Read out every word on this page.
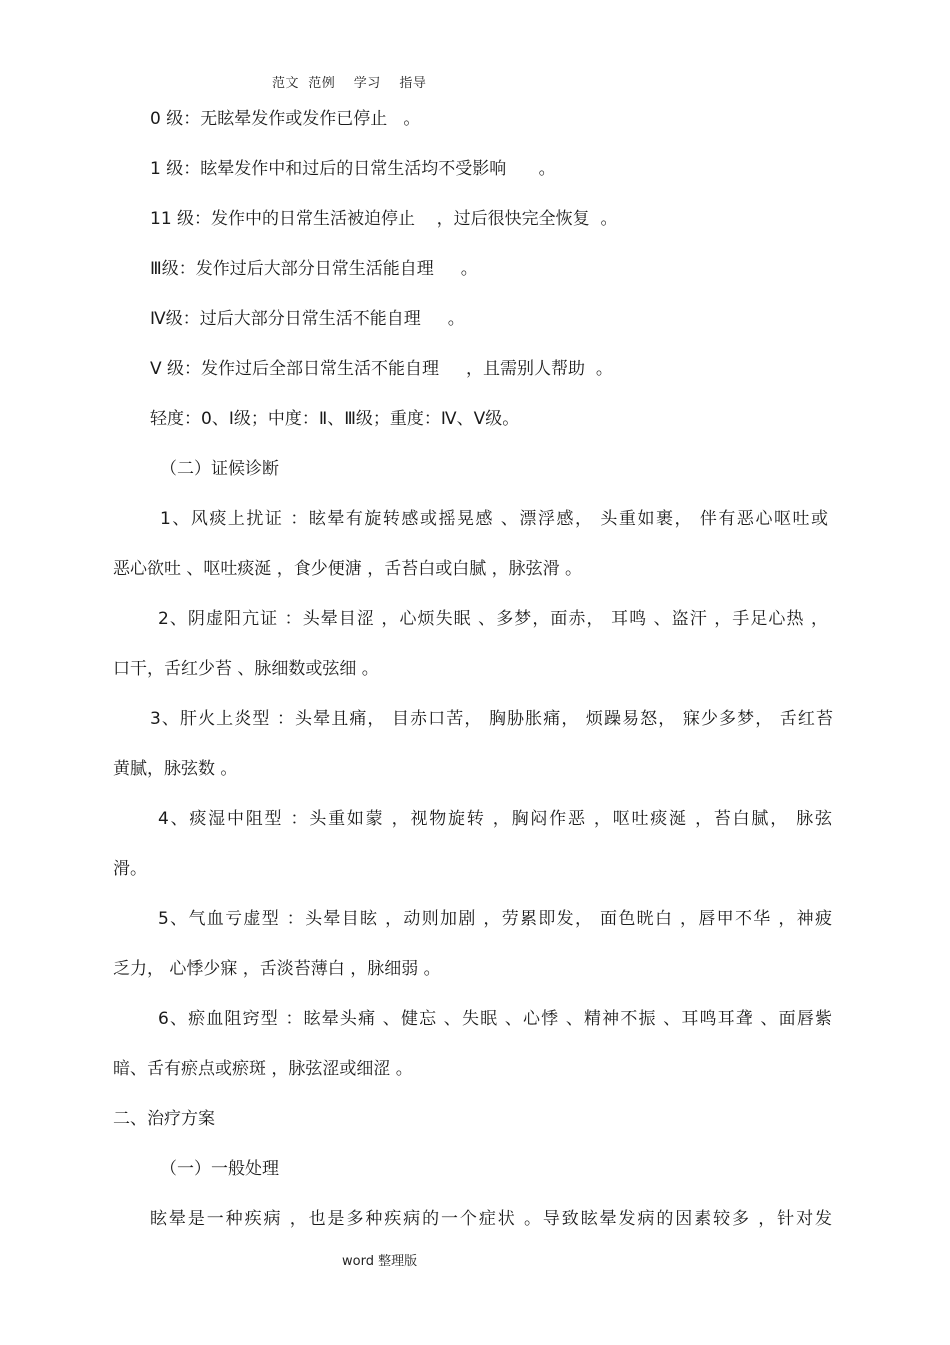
范文  范例    学习    指导
0 级：无眩晕发作或发作已停止   。
1 级：眩晕发作中和过后的日常生活均不受影响      。
11 级：发作中的日常生活被迫停止    ，过后很快完全恢复  。
Ⅲ级：发作过后大部分日常生活能自理     。
Ⅳ级：过后大部分日常生活不能自理     。
Ⅴ 级：发作过后全部日常生活不能自理     ，且需别人帮助  。
轻度：0、Ⅰ级；中度：Ⅱ、Ⅲ级；重度：Ⅳ、Ⅴ级。
（二）证候诊断
1、风痰上扰证 ：眩晕有旋转感或摇晃感 、漂浮感， 头重如裹， 伴有恶心呕吐或
恶心欲吐 、呕吐痰涎 ，食少便溏 ，舌苔白或白腻 ，脉弦滑 。
2、阴虚阳亢证 ：头晕目涩 ，心烦失眠 、多梦，面赤， 耳鸣 、盗汗 ，手足心热 ，
口干，舌红少苔 、脉细数或弦细 。
3、肝火上炎型 ：头晕且痛， 目赤口苦， 胸胁胀痛， 烦躁易怒， 寐少多梦， 舌红苔
黄腻，脉弦数 。
4、痰湿中阻型 ：头重如蒙 ，视物旋转 ，胸闷作恶 ，呕吐痰涎 ，苔白腻， 脉弦
滑。
5、气血亏虚型 ：头晕目眩 ，动则加剧 ，劳累即发， 面色晄白 ，唇甲不华 ，神疲
乏力， 心悸少寐 ，舌淡苔薄白 ，脉细弱 。
6、瘀血阻窍型 ：眩晕头痛 、健忘 、失眠 、心悸 、精神不振 、耳鸣耳聋 、面唇紫
暗、舌有瘀点或瘀斑 ，脉弦涩或细涩 。
二、治疗方案
（一）一般处理
眩晕是一种疾病 ，也是多种疾病的一个症状 。导致眩晕发病的因素较多 ，针对发
word 整理版
